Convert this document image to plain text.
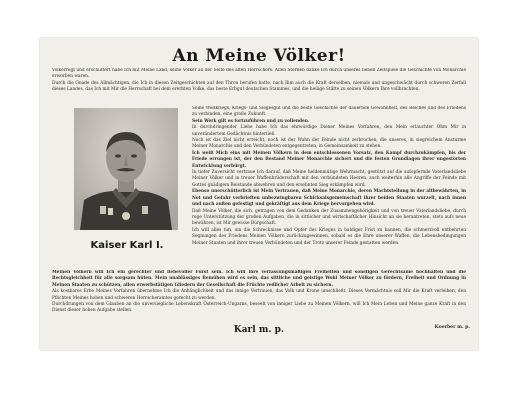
An Meine Völker!

Völkerregt und erschüttert habe Ich mit Meine Land, seine Völker an der Seite des alten Herrschers. Allen Sternen danke Ich durch unseres lieben Zeitspiele die Geschichte von Monarchie erworben waren.

Durch die Gnade des Allmächtigen, die Ich in diesen Zeitgeschichten auf den Thron berufen hatte, nach Ihm auch die Kraft derselben, niemals und ungeschwächt durch schweren Zerfall dieses Landes, das Ich mit Mir die Herrschaft bei dem ererbten Volke, das beste Erbgut deutschen Stammes, und die heilige Stätte zu seinen Völkern Ihre vollbrachten.

Kaiser Karl I.

Seine Weltkriegs, Kriegs- und Siegesgut und die beste Geschichte der dauernde Gewohnheit, des Reiches und des Friedens zu verbinden, eine große Zukunft.

Sein Werk gilt es fortzuführen und zu vollenden.

In durchdringender Liebe habe Ich das ehrwürdige Diener Meines Vorfahren, den Mein erlauchter Ohm Mir in unverändertem Gedächtnis hinterließ.

Noch ist das Ziel nicht erreicht, noch ist der Wahn der Feinde nicht zerbrochen, die unseres, in siegreichem Ansturme Meiner Monarchie und den Verbündeten entgegentreten, in Gemeinsamkeit zu stehen.

Ich weiß Mich eins mit Meinen Völkern in dem entschlossenen Vorsatz, den Kampf durchzukämpfen, bis der Friede errungen ist, der den Bestand Meiner Monarchie sichert und die festen Grundlagen ihrer ungestörten Entwicklung verbürgt.

In tiefer Zuversicht vertraue Ich darauf, daß Meine heldenmütige Wehrmacht, gestützt auf die aufopfernde Vaterlandsliebe Meiner Völker und in treuer Waffenbrüderschaft mit den verbündeten Heeren, auch weiterhin alle Angriffe der Feinde mit Gottes gnädigem Beistande abwehren und den ersehnten Sieg erkämpfen wird.

Ebenso unerschütterlich ist Mein Vertrauen, daß Meine Monarchie, deren Machtstellung in der altbewährten, in Not und Gefahr verbrieften unbezwingbaren Schicksalsgemeinschaft ihrer beiden Staaten wurzelt, nach innen und nach außen gefestigt und gekräftigt aus dem Kriege hervorgehen wird.

Daß Meine Völker, die sich, getragen von dem Gedanken der Zusammengehörigkeit und von treuer Vaterlandsliebe, durch rege Unterstützung der großen Aufgaben, die in sittlicher und wirtschaftlicher Hinsicht an sie herantreten, stets aufs neue bewähren, ist Mir gewisse Bürgschaft.

Ich will alles tun, um die Schrecknisse und Opfer des Krieges in baldiger Frist zu bannen, die schmerzvoll entbehrten Segnungen des Friedens Meinen Völkern zurückzugewinnen, sobald es die Ehre unserer Waffen, die Lebensbedingungen Meiner Staaten und ihrer treuen Verbündeten und der Trotz unserer Feinde gestatten werden.

Meinen Völkern will Ich ein gerechter und liebevoller Fürst sein. Ich will ihre verfassungsmäßigen Freiheiten und sonstigen Gerechtsame hochhalten und die Rechtsgleichheit für alle sorgsam hüten. Mein unablässiges Bemühen wird es sein, das sittliche und geistige Wohl Meiner Völker zu fördern, Freiheit und Ordnung in Meinen Staaten zu schützen, allen erwerbstätigen Gliedern der Gesellschaft die Früchte redlicher Arbeit zu sichern.

Als kostbares Erbe Meines Vorfahren übernehme Ich die Anhänglichkeit und das innige Vertrauen, das Volk und Krone umschließt. Dieses Vermächtnis soll Mir die Kraft verleihen, den Pflichten Meines hohen und schweren Herrscheramtes gerecht zu werden.

Durchdrungen von dem Glauben an die unversiegliche Lebenskraft Österreich-Ungarns, beseelt von inniger Liebe zu Meinen Völkern, will Ich Mein Leben und Meine ganze Kraft in den Dienst dieser hohen Aufgabe stellen.

Karl m. p.	Koerber m. p.
